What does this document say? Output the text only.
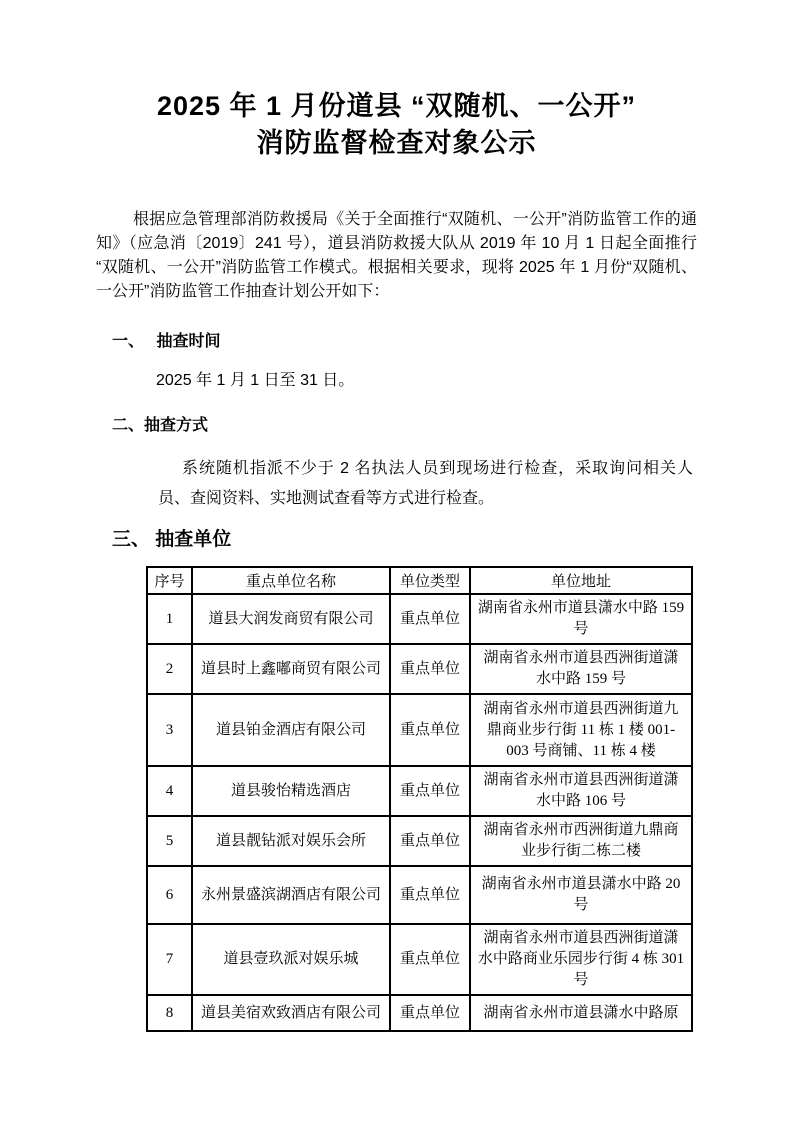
2025 年 1 月份道县 “双随机、一公开”
消防监督检查对象公示

根据应急管理部消防救援局《关于全面推行“双随机、一公开”消防监管工作的通知》（应急消〔2019〕241 号），道县消防救援大队从 2019 年 10 月 1 日起全面推行“双随机、一公开”消防监管工作模式。根据相关要求，现将 2025 年 1 月份“双随机、一公开”消防监管工作抽查计划公开如下：

一、　 抽查时间

2025 年 1 月 1 日至 31 日。

二、抽查方式

系统随机指派不少于 2 名执法人员到现场进行检查，采取询问相关人员、查阅资料、实地测试查看等方式进行检查。

三、 抽查单位
序号	重点单位名称	单位类型	单位地址
1	道县大润发商贸有限公司	重点单位	湖南省永州市道县潇水中路 159 号
2	道县时上鑫嘟商贸有限公司	重点单位	湖南省永州市道县西洲街道潇水中路 159 号
3	道县铂金酒店有限公司	重点单位	湖南省永州市道县西洲街道九鼎商业步行街 11 栋 1 楼 001-003 号商铺、11 栋 4 楼
4	道县骏怡精选酒店	重点单位	湖南省永州市道县西洲街道潇水中路 106 号
5	道县靓钻派对娱乐会所	重点单位	湖南省永州市西洲街道九鼎商业步行街二栋二楼
6	永州景盛滨湖酒店有限公司	重点单位	湖南省永州市道县潇水中路 20 号
7	道县壹玖派对娱乐城	重点单位	湖南省永州市道县西洲街道潇水中路商业乐园步行街 4 栋 301 号
8	道县美宿欢致酒店有限公司	重点单位	湖南省永州市道县潇水中路原
